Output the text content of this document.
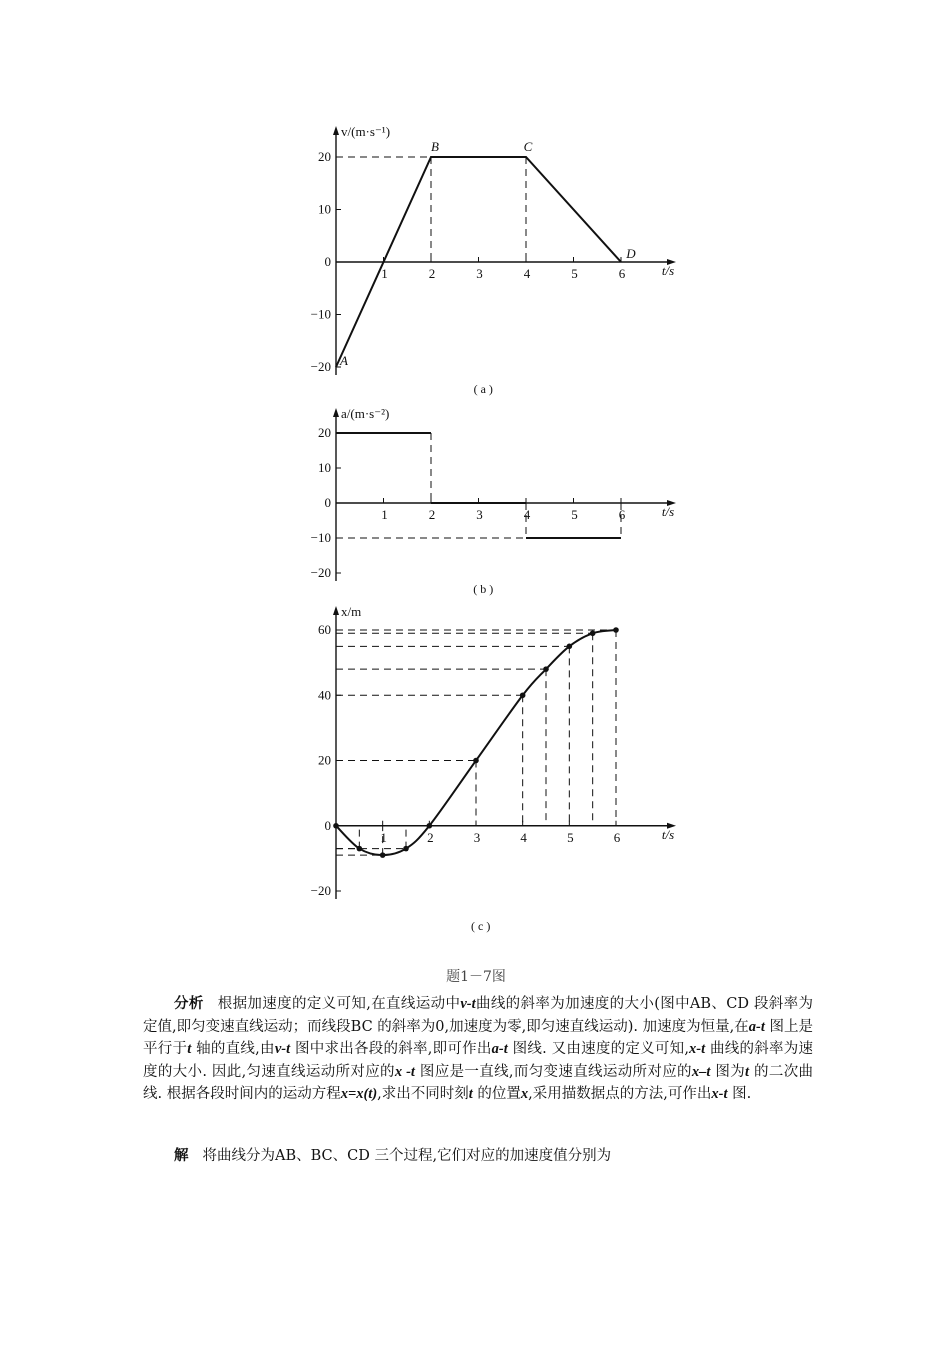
20
10
0
−10
−20
1	2	3	4	5	6
v/(m·s⁻¹)
t/s
( a )
A
B	C
D
20
10
0
−10
−20
1	2	3	4	5	6
a/(m·s⁻²)
t/s
( b )
60
40
20
0
−20
1	2	3	4	5	6
x/m
t/s
( c )
题1－7图

分析 根据加速度的定义可知,在直线运动中v-t曲线的斜率为加速度的大小(图中AB、CD 段斜率为定值,即匀变速直线运动；而线段BC 的斜率为0,加速度为零,即匀速直线运动). 加速度为恒量,在a-t 图上是平行于t 轴的直线,由v-t 图中求出各段的斜率,即可作出a-t 图线. 又由速度的定义可知,x-t 曲线的斜率为速度的大小. 因此,匀速直线运动所对应的x -t 图应是一直线,而匀变速直线运动所对应的x–t 图为t 的二次曲线. 根据各段时间内的运动方程x=x(t),求出不同时刻t 的位置x,采用描数据点的方法,可作出x-t 图.

解 将曲线分为AB、BC、CD 三个过程,它们对应的加速度值分别为
